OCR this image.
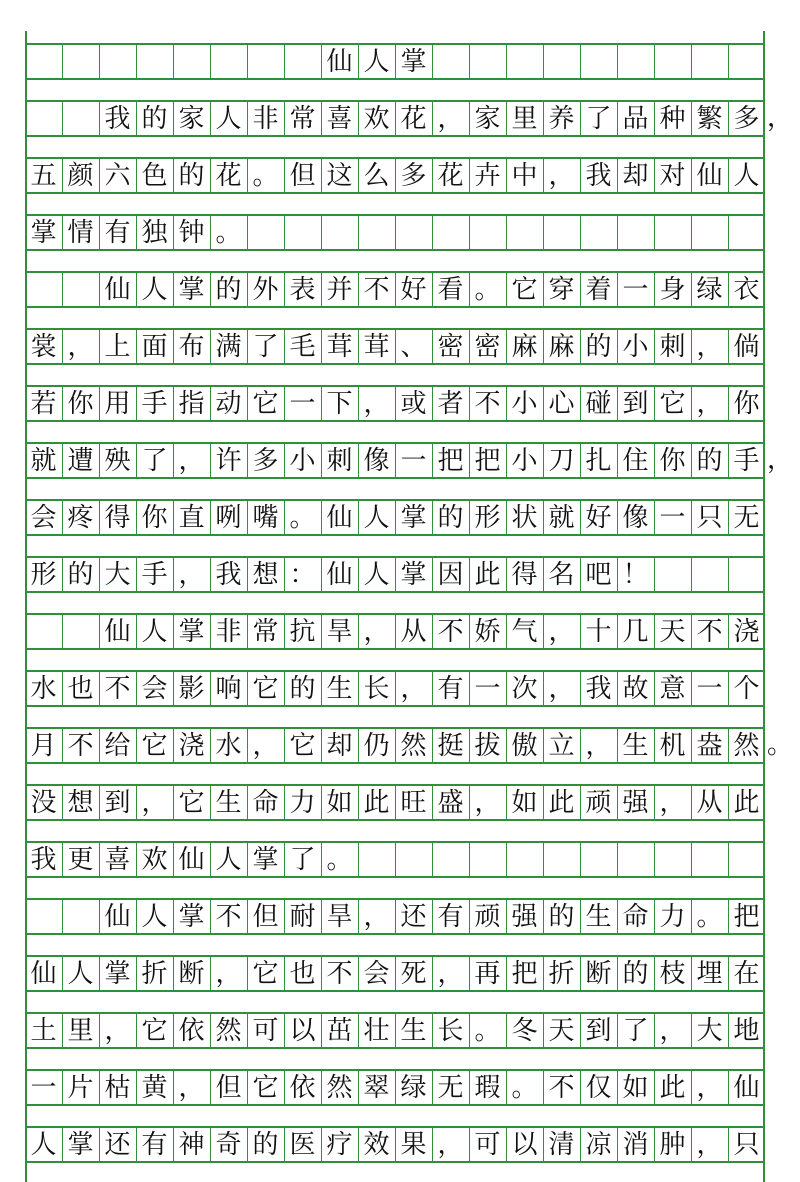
仙 人 掌
我 的 家 人 非 常 喜 欢 花 ， 家 里 养 了 品 种 繁 多 ，
五 颜 六 色 的 花 。 但 这 么 多 花 卉 中 ， 我 却 对 仙 人
掌 情 有 独 钟 。
仙 人 掌 的 外 表 并 不 好 看 。 它 穿 着 一 身 绿 衣
裳 ， 上 面 布 满 了 毛 茸 茸 、 密 密 麻 麻 的 小 刺 ， 倘
若 你 用 手 指 动 它 一 下 ， 或 者 不 小 心 碰 到 它 ， 你
就 遭 殃 了 ， 许 多 小 刺 像 一 把 把 小 刀 扎 住 你 的 手 ，
会 疼 得 你 直 咧 嘴 。 仙 人 掌 的 形 状 就 好 像 一 只 无
形 的 大 手 ， 我 想 ： 仙 人 掌 因 此 得 名 吧 ！
仙 人 掌 非 常 抗 旱 ， 从 不 娇 气 ， 十 几 天 不 浇
水 也 不 会 影 响 它 的 生 长 ， 有 一 次 ， 我 故 意 一 个
月 不 给 它 浇 水 ， 它 却 仍 然 挺 拔 傲 立 ， 生 机 盎 然 。
没 想 到 ， 它 生 命 力 如 此 旺 盛 ， 如 此 顽 强 ， 从 此
我 更 喜 欢 仙 人 掌 了 。
仙 人 掌 不 但 耐 旱 ， 还 有 顽 强 的 生 命 力 。 把
仙 人 掌 折 断 ， 它 也 不 会 死 ， 再 把 折 断 的 枝 埋 在
土 里 ， 它 依 然 可 以 茁 壮 生 长 。 冬 天 到 了 ， 大 地
一 片 枯 黄 ， 但 它 依 然 翠 绿 无 瑕 。 不 仅 如 此 ， 仙
人 掌 还 有 神 奇 的 医 疗 效 果 ， 可 以 清 凉 消 肿 ， 只
